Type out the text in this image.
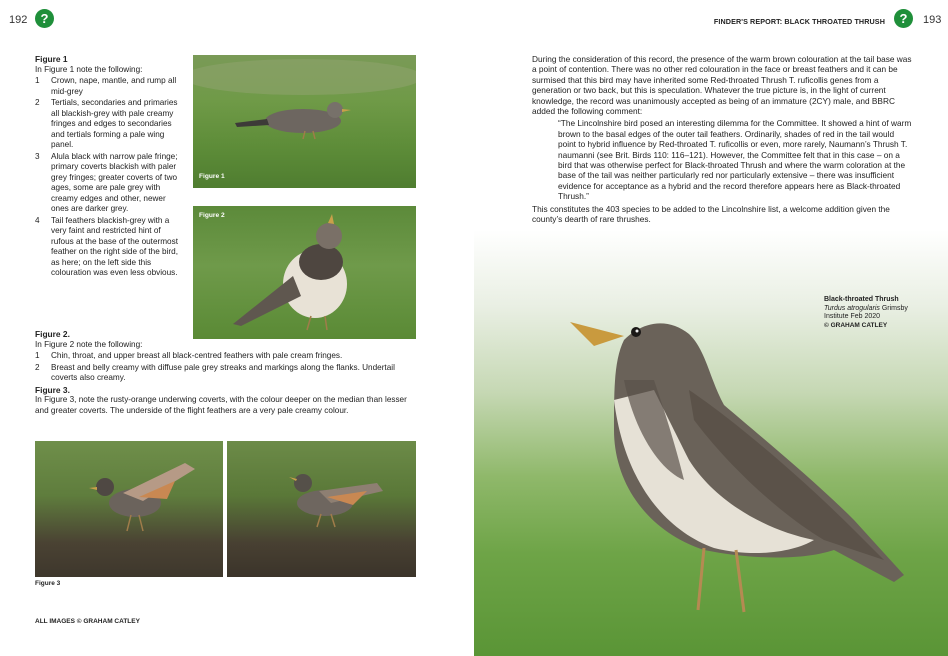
192	?
Figure 1
In Figure 1 note the following:
1 Crown, nape, mantle, and rump all mid-grey
2 Tertials, secondaries and primaries all blackish-grey with pale creamy fringes and edges to secondaries and tertials forming a pale wing panel.
3 Alula black with narrow pale fringe; primary coverts blackish with paler grey fringes; greater coverts of two ages, some are pale grey with creamy edges and other, newer ones are darker grey.
4 Tail feathers blackish-grey with a very faint and restricted hint of rufous at the base of the outermost feather on the right side of the bird, as here; on the left side this colouration was even less obvious.
Figure 1
Figure 2
Figure 2.
In Figure 2 note the following:
1 Chin, throat, and upper breast all black-centred feathers with pale cream fringes.
2 Breast and belly creamy with diffuse pale grey streaks and markings along the flanks. Undertail coverts also creamy.
Figure 3.
In Figure 3, note the rusty-orange underwing coverts, with the colour deeper on the median than lesser and greater coverts. The underside of the flight feathers are a very pale creamy colour.
Figure 3
ALL IMAGES © GRAHAM CATLEY
FINDER'S REPORT: BLACK THROATED THRUSH	?	193
During the consideration of this record, the presence of the warm brown colouration at the tail base was a point of contention. There was no other red colouration in the face or breast feathers and it can be surmised that this bird may have inherited some Red-throated Thrush T. ruficollis genes from a generation or two back, but this is speculation. Whatever the true picture is, in the light of current knowledge, the record was unanimously accepted as being of an immature (2CY) male, and BBRC added the following comment:
“The Lincolnshire bird posed an interesting dilemma for the Committee. It showed a hint of warm brown to the basal edges of the outer tail feathers. Ordinarily, shades of red in the tail would point to hybrid influence by Red-throated T. ruficollis or even, more rarely, Naumann’s Thrush T. naumanni (see Brit. Birds 110: 116–121). However, the Committee felt that in this case – on a bird that was otherwise perfect for Black-throated Thrush and where the warm coloration at the base of the tail was neither particularly red nor particularly extensive – there was insufficient evidence for acceptance as a hybrid and the record therefore appears here as Black-throated Thrush.”
This constitutes the 403 species to be added to the Lincolnshire list, a welcome addition given the county’s dearth of rare thrushes.
Black-throated Thrush
Turdus atrogularis Grimsby Institute Feb 2020
© GRAHAM CATLEY
